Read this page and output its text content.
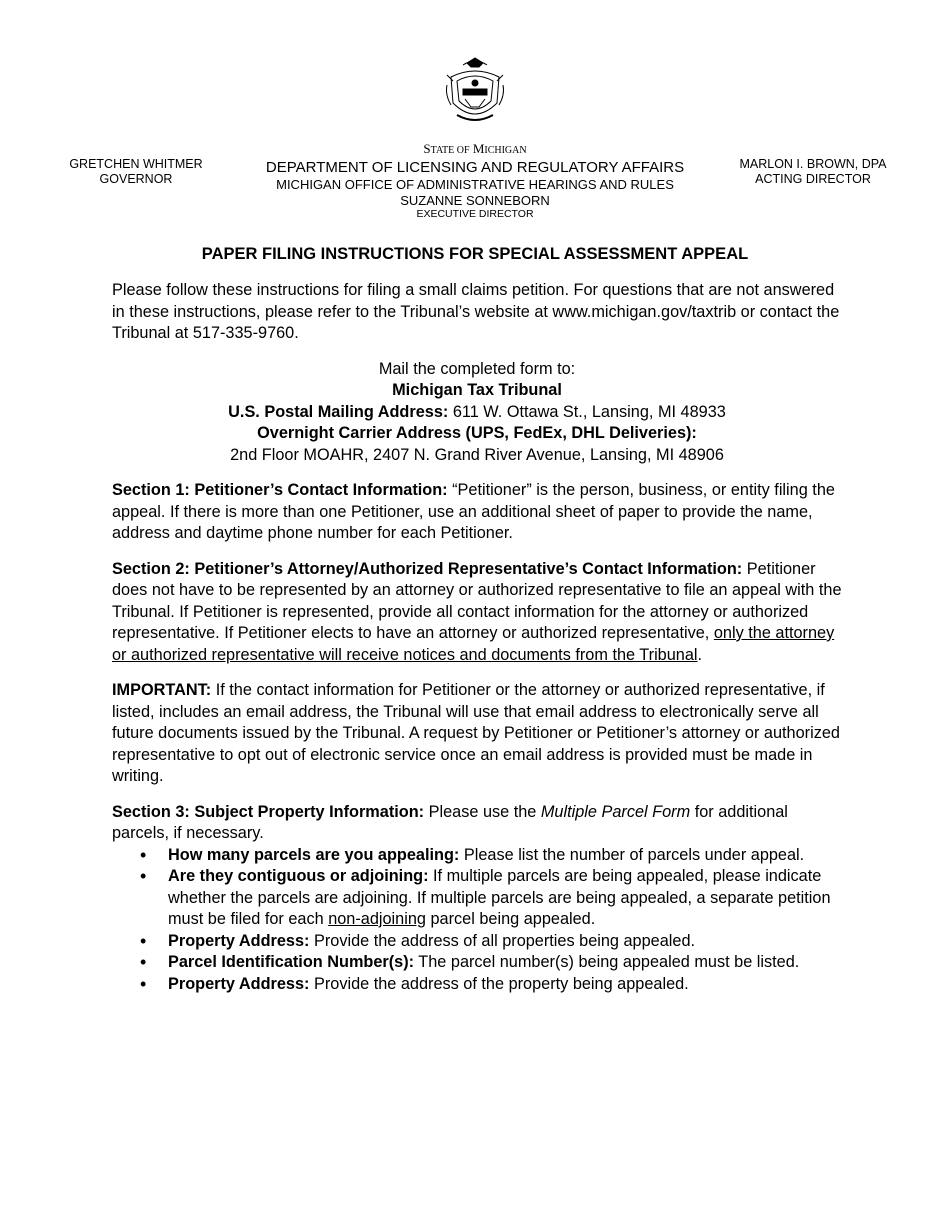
GRETCHEN WHITMER
GOVERNOR
STATE OF MICHIGAN
DEPARTMENT OF LICENSING AND REGULATORY AFFAIRS
MICHIGAN OFFICE OF ADMINISTRATIVE HEARINGS AND RULES
SUZANNE SONNEBORN
EXECUTIVE DIRECTOR
MARLON I. BROWN, DPA
ACTING DIRECTOR
PAPER FILING INSTRUCTIONS FOR SPECIAL ASSESSMENT APPEAL

Please follow these instructions for filing a small claims petition. For questions that are not answered in these instructions, please refer to the Tribunal’s website at www.michigan.gov/taxtrib or contact the Tribunal at 517-335-9760.

Mail the completed form to:
Michigan Tax Tribunal
U.S. Postal Mailing Address: 611 W. Ottawa St., Lansing, MI 48933
Overnight Carrier Address (UPS, FedEx, DHL Deliveries):
2nd Floor MOAHR, 2407 N. Grand River Avenue, Lansing, MI 48906

Section 1: Petitioner’s Contact Information: “Petitioner” is the person, business, or entity filing the appeal. If there is more than one Petitioner, use an additional sheet of paper to provide the name, address and daytime phone number for each Petitioner.

Section 2: Petitioner’s Attorney/Authorized Representative’s Contact Information: Petitioner does not have to be represented by an attorney or authorized representative to file an appeal with the Tribunal. If Petitioner is represented, provide all contact information for the attorney or authorized representative. If Petitioner elects to have an attorney or authorized representative, only the attorney or authorized representative will receive notices and documents from the Tribunal.

IMPORTANT: If the contact information for Petitioner or the attorney or authorized representative, if listed, includes an email address, the Tribunal will use that email address to electronically serve all future documents issued by the Tribunal. A request by Petitioner or Petitioner’s attorney or authorized representative to opt out of electronic service once an email address is provided must be made in writing.

Section 3: Subject Property Information: Please use the Multiple Parcel Form for additional parcels, if necessary.

• How many parcels are you appealing: Please list the number of parcels under appeal.
• Are they contiguous or adjoining: If multiple parcels are being appealed, please indicate whether the parcels are adjoining. If multiple parcels are being appealed, a separate petition must be filed for each non-adjoining parcel being appealed.
• Property Address: Provide the address of all properties being appealed.
• Parcel Identification Number(s): The parcel number(s) being appealed must be listed.
• Property Address: Provide the address of the property being appealed.
